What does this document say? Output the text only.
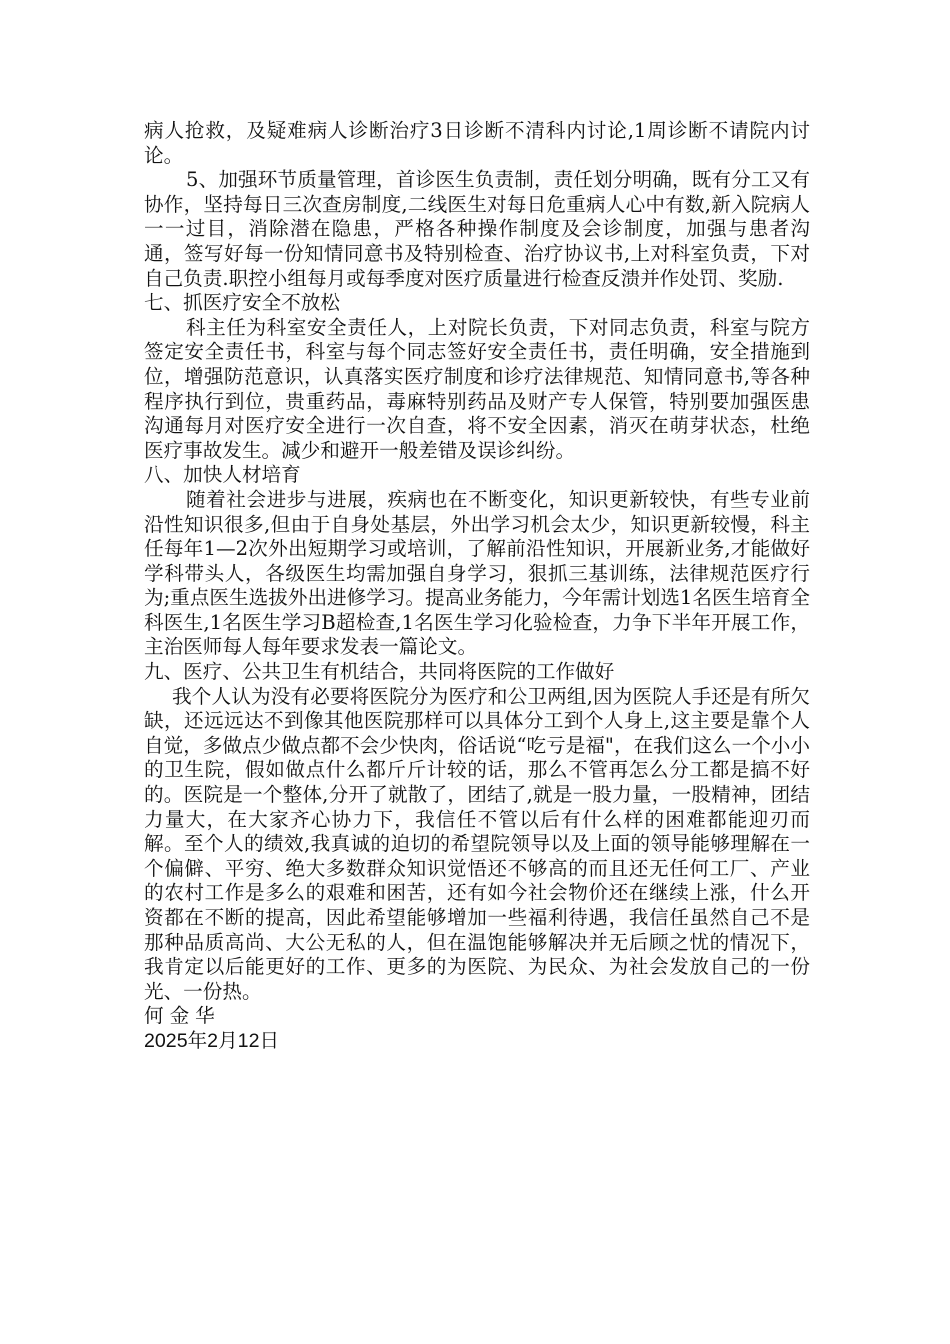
病人抢救，及疑难病人诊断治疗3日诊断不清科内讨论,1周诊断不请院内讨论。

5、加强环节质量管理，首诊医生负责制，责任划分明确，既有分工又有协作，坚持每日三次查房制度,二线医生对每日危重病人心中有数,新入院病人一一过目，消除潜在隐患，严格各种操作制度及会诊制度，加强与患者沟通，签写好每一份知情同意书及特别检查、治疗协议书,上对科室负责，下对自己负责.职控小组每月或每季度对医疗质量进行检查反溃并作处罚、奖励.

七、抓医疗安全不放松

科主任为科室安全责任人，上对院长负责，下对同志负责，科室与院方签定安全责任书，科室与每个同志签好安全责任书，责任明确，安全措施到位，增强防范意识，认真落实医疗制度和诊疗法律规范、知情同意书,等各种程序执行到位，贵重药品，毒麻特别药品及财产专人保管，特别要加强医患沟通每月对医疗安全进行一次自查，将不安全因素，消灭在萌芽状态，杜绝医疗事故发生。减少和避开一般差错及误诊纠纷。

八、加快人材培育

随着社会进步与进展，疾病也在不断变化，知识更新较快，有些专业前沿性知识很多,但由于自身处基层，外出学习机会太少，知识更新较慢，科主任每年1—2次外出短期学习或培训，了解前沿性知识，开展新业务,才能做好学科带头人，各级医生均需加强自身学习，狠抓三基训练，法律规范医疗行为;重点医生选拔外出进修学习。提高业务能力，今年需计划选1名医生培育全科医生,1名医生学习B超检查,1名医生学习化验检查，力争下半年开展工作，主治医师每人每年要求发表一篇论文。

九、医疗、公共卫生有机结合，共同将医院的工作做好

我个人认为没有必要将医院分为医疗和公卫两组,因为医院人手还是有所欠缺，还远远达不到像其他医院那样可以具体分工到个人身上,这主要是靠个人自觉，多做点少做点都不会少快肉，俗话说“吃亏是福"，在我们这么一个小小的卫生院，假如做点什么都斤斤计较的话，那么不管再怎么分工都是搞不好的。医院是一个整体,分开了就散了，团结了,就是一股力量，一股精神，团结力量大，在大家齐心协力下，我信任不管以后有什么样的困难都能迎刃而解。至个人的绩效,我真诚的迫切的希望院领导以及上面的领导能够理解在一个偏僻、平穷、绝大多数群众知识觉悟还不够高的而且还无任何工厂、产业的农村工作是多么的艰难和困苦，还有如今社会物价还在继续上涨，什么开资都在不断的提高，因此希望能够增加一些福利待遇，我信任虽然自己不是那种品质高尚、大公无私的人，但在温饱能够解决并无后顾之忧的情况下，我肯定以后能更好的工作、更多的为医院、为民众、为社会发放自己的一份光、一份热。

何金华

2025年2月12日
